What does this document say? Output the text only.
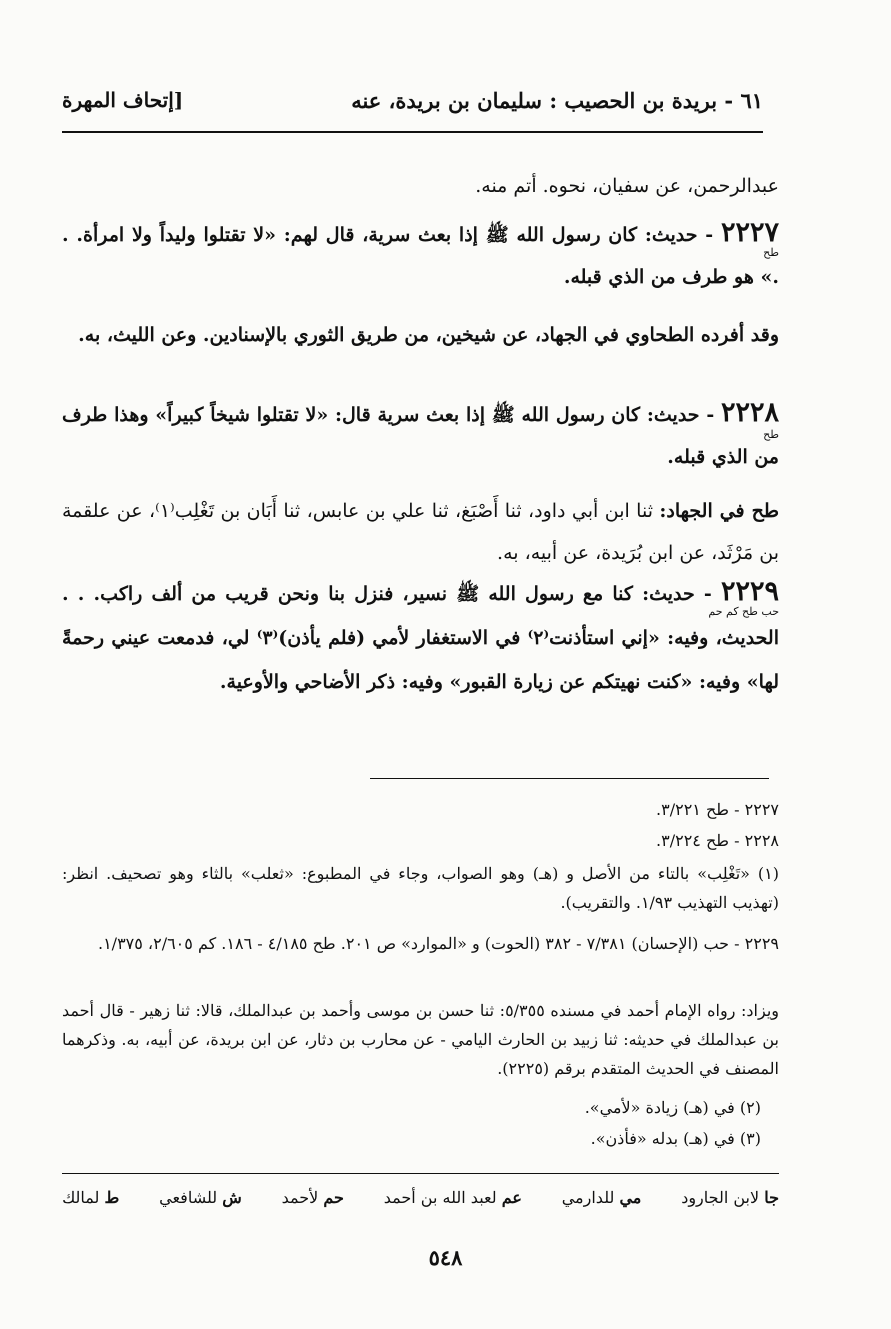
٦١ - بريدة بن الحصيب : سليمان بن بريدة، عنه
[إتحاف المهرة
عبدالرحمن، عن سفيان، نحوه. أتم منه.
طح
٢٢٢٧ - حديث: كان رسول الله ﷺ إذا بعث سرية، قال لهم: «لا تقتلوا وليداً ولا امرأة. . .» هو طرف من الذي قبله.
وقد أفرده الطحاوي في الجهاد، عن شيخين، من طريق الثوري بالإسنادين. وعن الليث، به.
طح
٢٢٢٨ - حديث: كان رسول الله ﷺ إذا بعث سرية قال: «لا تقتلوا شيخاً كبيراً» وهذا طرف من الذي قبله.
طح في الجهاد: ثنا ابن أبي داود، ثنا أَصْبَغ، ثنا علي بن عابس، ثنا أَبَان بن تَغْلِب⁽١⁾، عن علقمة بن مَرْثَد، عن ابن بُرَيدة، عن أبيه، به.
حب طح كم حم
٢٢٢٩ - حديث: كنا مع رسول الله ﷺ نسير، فنزل بنا ونحن قريب من ألف راكب. . . الحديث، وفيه: «إني استأذنت⁽٢⁾ في الاستغفار لأمي (فلم يأذن)⁽٣⁾ لي، فدمعت عيني رحمةً لها» وفيه: «كنت نهيتكم عن زيارة القبور» وفيه: ذكر الأضاحي والأوعية.
٢٢٢٧ - طح ٣/٢٢١.
٢٢٢٨ - طح ٣/٢٢٤.
(١) «تَغْلِب» بالتاء من الأصل و (هـ) وهو الصواب، وجاء في المطبوع: «ثعلب» بالثاء وهو تصحيف. انظر: (تهذيب التهذيب ١/٩٣. والتقريب).
٢٢٢٩ - حب (الإحسان) ٧/٣٨١ - ٣٨٢ (الحوت) و «الموارد» ص ٢٠١. طح ٤/١٨٥ - ١٨٦. كم ٢/٦٠٥، ١/٣٧٥.
ويزاد: رواه الإمام أحمد في مسنده ٥/٣٥٥: ثنا حسن بن موسى وأحمد بن عبدالملك، قالا: ثنا زهير - قال أحمد بن عبدالملك في حديثه: ثنا زبيد بن الحارث اليامي - عن محارب بن دثار، عن ابن بريدة، عن أبيه، به. وذكرهما المصنف في الحديث المتقدم برقم (٢٢٢٥).
(٢) في (هـ) زيادة «لأمي».
(٣) في (هـ) بدله «فأذن».
ط لمالك	ش للشافعي	حم لأحمد	عم لعبد الله بن أحمد	مي للدارمي	جا لابن الجارود
٥٤٨
